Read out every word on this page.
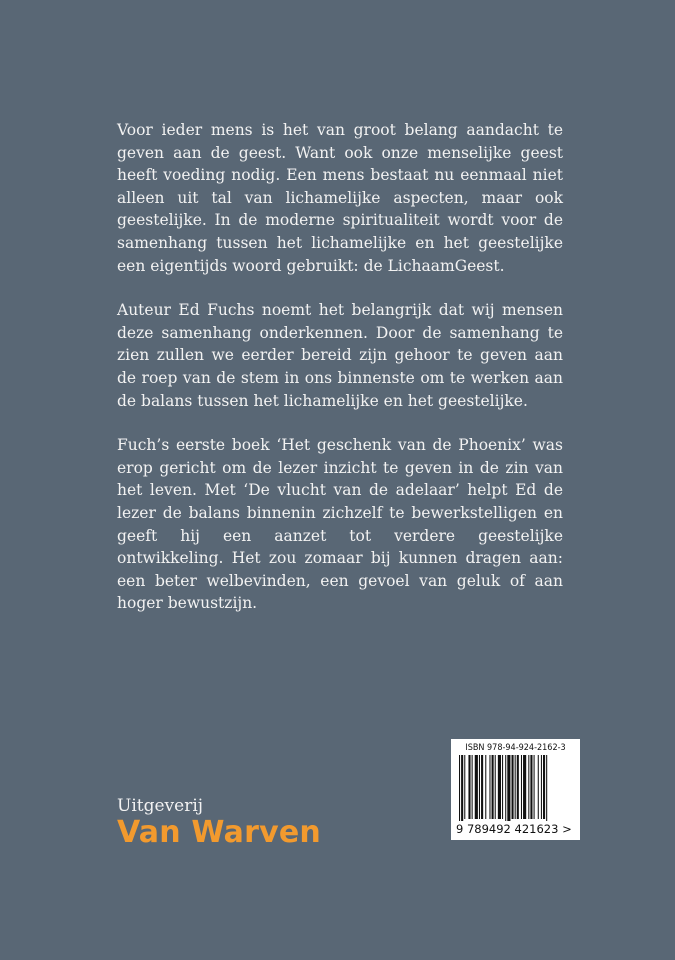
Voor ieder mens is het van groot belang aandacht te geven aan de geest. Want ook onze menselijke geest heeft voeding nodig. Een mens bestaat nu eenmaal niet alleen uit tal van lichamelijke aspecten, maar ook geestelijke. In de moderne spiritualiteit wordt voor de samenhang tussen het lichamelijke en het geestelijke een eigentijds woord gebruikt: de LichaamGeest.

Auteur Ed Fuchs noemt het belangrijk dat wij mensen deze samenhang onderkennen. Door de samenhang te zien zullen we eerder bereid zijn gehoor te geven aan de roep van de stem in ons binnenste om te werken aan de balans tussen het lichamelijke en het geestelijke.

Fuch’s eerste boek ‘Het geschenk van de Phoenix’ was erop gericht om de lezer inzicht te geven in de zin van het leven. Met ‘De vlucht van de adelaar’ helpt Ed de lezer de balans binnenin zichzelf te bewerkstelligen en geeft hij een aanzet tot verdere geestelijke ontwikkeling. Het zou zomaar bij kunnen dragen aan: een beter welbevinden, een gevoel van geluk of aan hoger bewustzijn.

Uitgeverij
Van Warven
ISBN 978-94-924-2162-3
9 789492 421623 >
